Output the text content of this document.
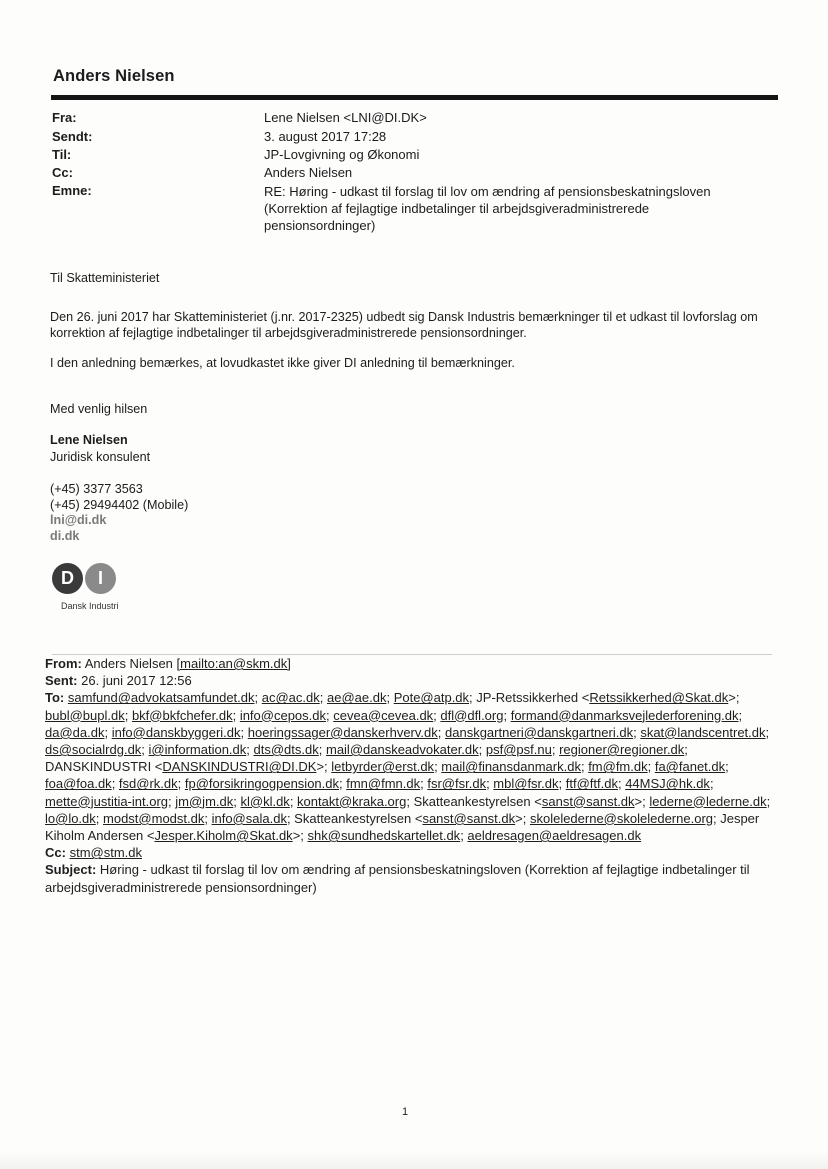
Anders Nielsen
Fra:	Lene Nielsen <LNI@DI.DK>
Sendt:	3. august 2017 17:28
Til:	JP-Lovgivning og Økonomi
Cc:	Anders Nielsen
Emne:	RE: Høring - udkast til forslag til lov om ændring af pensionsbeskatningsloven (Korrektion af fejlagtige indbetalinger til arbejdsgiveradministrerede pensionsordninger)
Til Skatteministeriet
Den 26. juni 2017 har Skatteministeriet (j.nr. 2017-2325) udbedt sig Dansk Industris bemærkninger til et udkast til lovforslag om korrektion af fejlagtige indbetalinger til arbejdsgiveradministrerede pensionsordninger.
I den anledning bemærkes, at lovudkastet ikke giver DI anledning til bemærkninger.
Med venlig hilsen
Lene Nielsen
Juridisk konsulent
(+45) 3377 3563
(+45) 29494402 (Mobile)
lni@di.dk
di.dk
D	I
Dansk Industri
From: Anders Nielsen [mailto:an@skm.dk]
Sent: 26. juni 2017 12:56
To: samfund@advokatsamfundet.dk; ac@ac.dk; ae@ae.dk; Pote@atp.dk; JP-Retssikkerhed <Retssikkerhed@Skat.dk>; bubl@bupl.dk; bkf@bkfchefer.dk; info@cepos.dk; cevea@cevea.dk; dfl@dfl.org; formand@danmarksvejlederforening.dk; da@da.dk; info@danskbyggeri.dk; hoeringssager@danskerhverv.dk; danskgartneri@danskgartneri.dk; skat@landscentret.dk; ds@socialrdg.dk; i@information.dk; dts@dts.dk; mail@danskeadvokater.dk; psf@psf.nu; regioner@regioner.dk; DANSKINDUSTRI <DANSKINDUSTRI@DI.DK>; letbyrder@erst.dk; mail@finansdanmark.dk; fm@fm.dk; fa@fanet.dk; foa@foa.dk; fsd@rk.dk; fp@forsikringogpension.dk; fmn@fmn.dk; fsr@fsr.dk; mbl@fsr.dk; ftf@ftf.dk; 44MSJ@hk.dk; mette@justitia-int.org; jm@jm.dk; kl@kl.dk; kontakt@kraka.org; Skatteankestyrelsen <sanst@sanst.dk>; lederne@lederne.dk; lo@lo.dk; modst@modst.dk; info@sala.dk; Skatteankestyrelsen <sanst@sanst.dk>; skolelederne@skolelederne.org; Jesper Kiholm Andersen <Jesper.Kiholm@Skat.dk>; shk@sundhedskartellet.dk; aeldresagen@aeldresagen.dk
Cc: stm@stm.dk
Subject: Høring - udkast til forslag til lov om ændring af pensionsbeskatningsloven (Korrektion af fejlagtige indbetalinger til arbejdsgiveradministrerede pensionsordninger)
1
